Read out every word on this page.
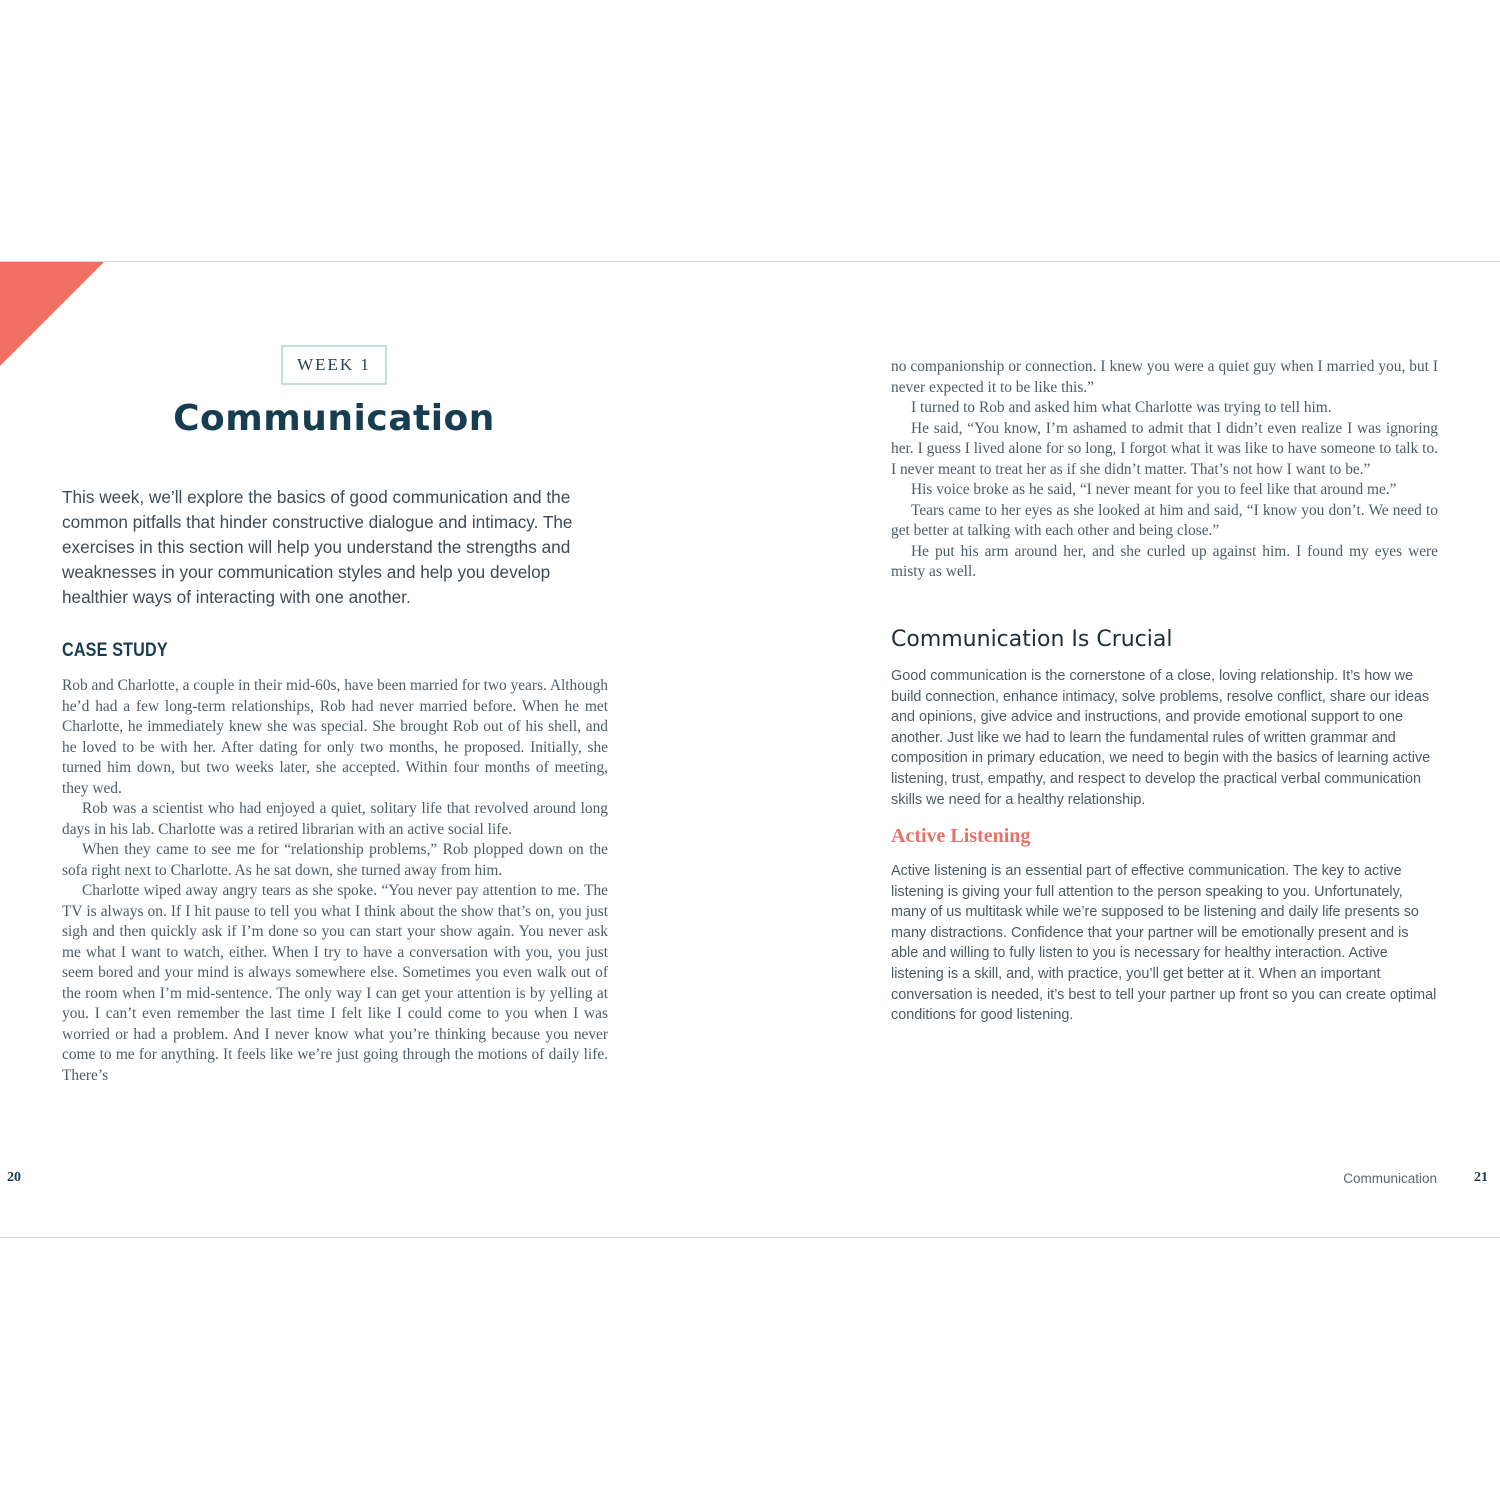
WEEK 1
Communication

This week, we’ll explore the basics of good communication and the common pitfalls that hinder constructive dialogue and intimacy. The exercises in this section will help you understand the strengths and weaknesses in your communication styles and help you develop healthier ways of interacting with one another.

CASE STUDY

Rob and Charlotte, a couple in their mid-60s, have been married for two years. Although he’d had a few long-term relationships, Rob had never married before. When he met Charlotte, he immediately knew she was special. She brought Rob out of his shell, and he loved to be with her. After dating for only two months, he proposed. Initially, she turned him down, but two weeks later, she accepted. Within four months of meeting, they wed.

Rob was a scientist who had enjoyed a quiet, solitary life that revolved around long days in his lab. Charlotte was a retired librarian with an active social life.

When they came to see me for “relationship problems,” Rob plopped down on the sofa right next to Charlotte. As he sat down, she turned away from him.

Charlotte wiped away angry tears as she spoke. “You never pay attention to me. The TV is always on. If I hit pause to tell you what I think about the show that’s on, you just sigh and then quickly ask if I’m done so you can start your show again. You never ask me what I want to watch, either. When I try to have a conversation with you, you just seem bored and your mind is always somewhere else. Sometimes you even walk out of the room when I’m mid-sentence. The only way I can get your attention is by yelling at you. I can’t even remember the last time I felt like I could come to you when I was worried or had a problem. And I never know what you’re thinking because you never come to me for anything. It feels like we’re just going through the motions of daily life. There’s

20

no companionship or connection. I knew you were a quiet guy when I married you, but I never expected it to be like this.”

I turned to Rob and asked him what Charlotte was trying to tell him.

He said, “You know, I’m ashamed to admit that I didn’t even realize I was ignoring her. I guess I lived alone for so long, I forgot what it was like to have someone to talk to. I never meant to treat her as if she didn’t matter. That’s not how I want to be.”

His voice broke as he said, “I never meant for you to feel like that around me.”

Tears came to her eyes as she looked at him and said, “I know you don’t. We need to get better at talking with each other and being close.”

He put his arm around her, and she curled up against him. I found my eyes were misty as well.

Communication Is Crucial

Good communication is the cornerstone of a close, loving relationship. It’s how we build connection, enhance intimacy, solve problems, resolve conflict, share our ideas and opinions, give advice and instructions, and provide emotional support to one another. Just like we had to learn the fundamental rules of written grammar and composition in primary education, we need to begin with the basics of learning active listening, trust, empathy, and respect to develop the practical verbal communication skills we need for a healthy relationship.

Active Listening

Active listening is an essential part of effective communication. The key to active listening is giving your full attention to the person speaking to you. Unfortunately, many of us multitask while we’re supposed to be listening and daily life presents so many distractions. Confidence that your partner will be emotionally present and is able and willing to fully listen to you is necessary for healthy interaction. Active listening is a skill, and, with practice, you’ll get better at it. When an important conversation is needed, it’s best to tell your partner up front so you can create optimal conditions for good listening.

Communication	21
